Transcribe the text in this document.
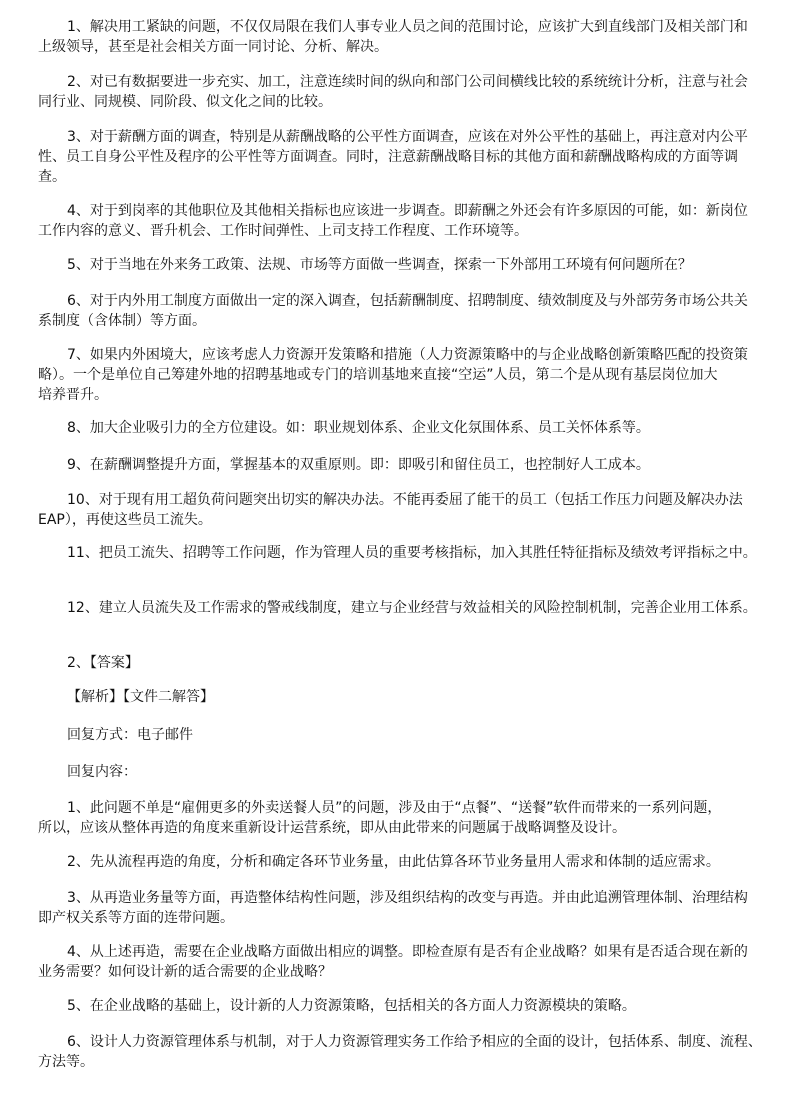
1、解决用工紧缺的问题，不仅仅局限在我们人事专业人员之间的范围讨论，应该扩大到直线部门及相关部门和
上级领导，甚至是社会相关方面一同讨论、分析、解决。
2、对已有数据要进一步充实、加工，注意连续时间的纵向和部门公司间横线比较的系统统计分析，注意与社会
同行业、同规模、同阶段、似文化之间的比较。
3、对于薪酬方面的调查，特别是从薪酬战略的公平性方面调查，应该在对外公平性的基础上，再注意对内公平
性、员工自身公平性及程序的公平性等方面调查。同时，注意薪酬战略目标的其他方面和薪酬战略构成的方面等调
查。
4、对于到岗率的其他职位及其他相关指标也应该进一步调查。即薪酬之外还会有许多原因的可能，如：新岗位
工作内容的意义、晋升机会、工作时间弹性、上司支持工作程度、工作环境等。
5、对于当地在外来务工政策、法规、市场等方面做一些调查，探索一下外部用工环境有何问题所在？
6、对于内外用工制度方面做出一定的深入调查，包括薪酬制度、招聘制度、绩效制度及与外部劳务市场公共关
系制度（含体制）等方面。
7、如果内外困境大，应该考虑人力资源开发策略和措施（人力资源策略中的与企业战略创新策略匹配的投资策
略）。一个是单位自己筹建外地的招聘基地或专门的培训基地来直接“空运”人员，第二个是从现有基层岗位加大
培养晋升。
8、加大企业吸引力的全方位建设。如：职业规划体系、企业文化氛围体系、员工关怀体系等。
9、在薪酬调整提升方面，掌握基本的双重原则。即：即吸引和留住员工，也控制好人工成本。
10、对于现有用工超负荷问题突出切实的解决办法。不能再委屈了能干的员工（包括工作压力问题及解决办法
EAP），再使这些员工流失。
11、把员工流失、招聘等工作问题，作为管理人员的重要考核指标，加入其胜任特征指标及绩效考评指标之中。
12、建立人员流失及工作需求的警戒线制度，建立与企业经营与效益相关的风险控制机制，完善企业用工体系。
2、【答案】
【解析】【文件二解答】
回复方式：电子邮件
回复内容：
1、此问题不单是“雇佣更多的外卖送餐人员”的问题，涉及由于“点餐”、“送餐”软件而带来的一系列问题，
所以，应该从整体再造的角度来重新设计运营系统，即从由此带来的问题属于战略调整及设计。
2、先从流程再造的角度，分析和确定各环节业务量，由此估算各环节业务量用人需求和体制的适应需求。
3、从再造业务量等方面，再造整体结构性问题，涉及组织结构的改变与再造。并由此追溯管理体制、治理结构
即产权关系等方面的连带问题。
4、从上述再造，需要在企业战略方面做出相应的调整。即检查原有是否有企业战略？如果有是否适合现在新的
业务需要？如何设计新的适合需要的企业战略？
5、在企业战略的基础上，设计新的人力资源策略，包括相关的各方面人力资源模块的策略。
6、设计人力资源管理体系与机制，对于人力资源管理实务工作给予相应的全面的设计，包括体系、制度、流程、
方法等。
